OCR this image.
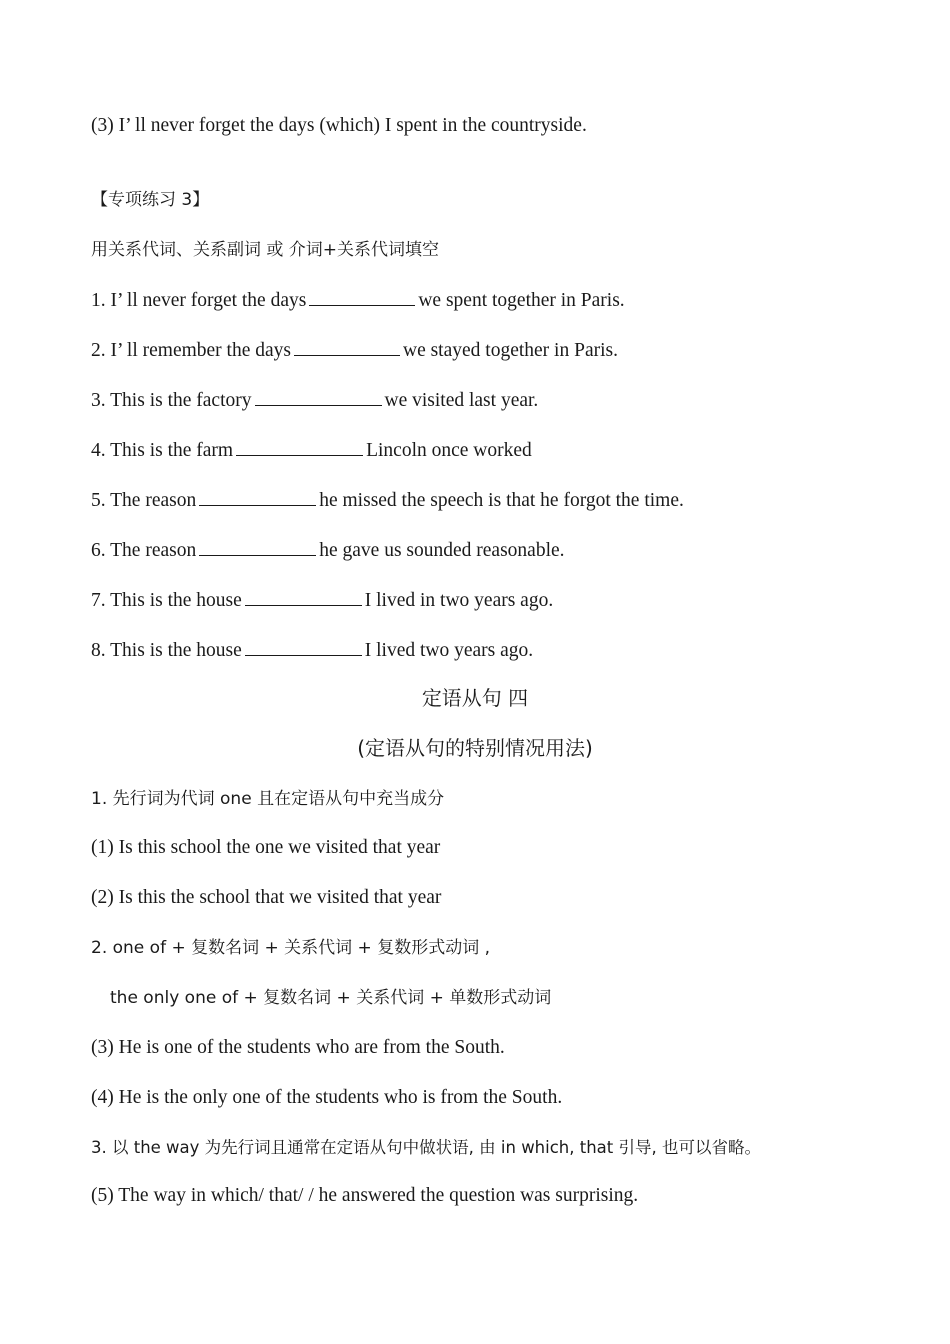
(3) I’ ll never forget the days (which) I spent in the countryside.
【专项练习 3】
用关系代词、关系副词 或 介词+关系代词填空
1. I’ ll never forget the days	we spent together in Paris.
2. I’ ll remember the days	we stayed together in Paris.
3. This is the factory	we visited last year.
4. This is the farm	Lincoln once worked
5. The reason	he missed the speech is that he forgot the time.
6. The reason	he gave us sounded reasonable.
7. This is the house	I lived in two years ago.
8. This is the house	I lived two years ago.
定语从句 四
(定语从句的特别情况用法)
1. 先行词为代词 one 且在定语从句中充当成分
(1) Is this school the one we visited that year
(2) Is this the school that we visited that year
2. one of + 复数名词 + 关系代词 + 复数形式动词 ,
the only one of + 复数名词 + 关系代词 + 单数形式动词
(3) He is one of the students who are from the South.
(4) He is the only one of the students who is from the South.
3. 以 the way 为先行词且通常在定语从句中做状语, 由 in which, that 引导, 也可以省略。
(5) The way in which/ that/ / he answered the question was surprising.
